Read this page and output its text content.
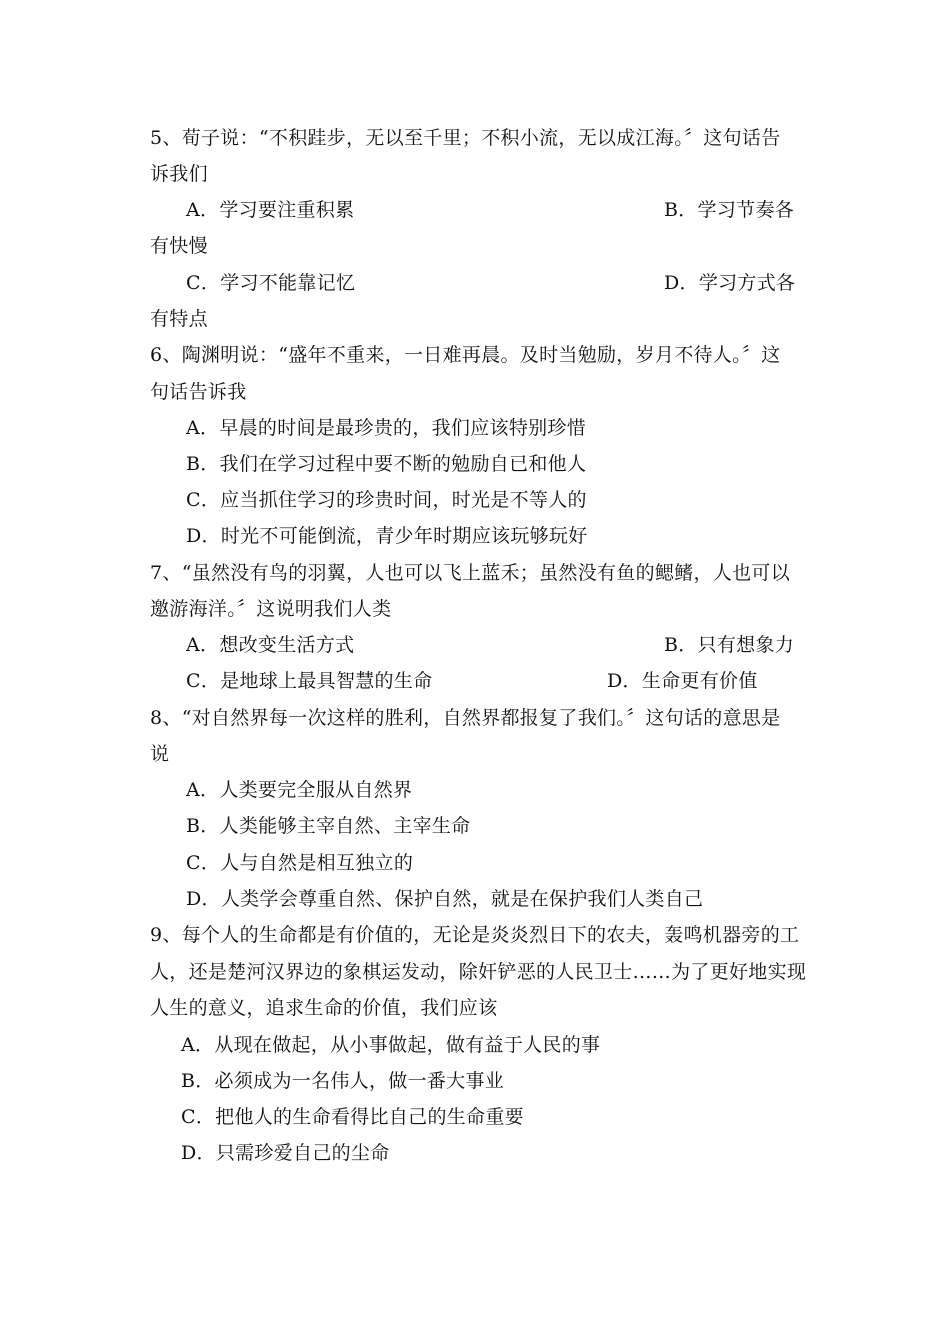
5、荀子说：“不积跬步，无以至千里；不积小流，无以成江海。〞这句话告
诉我们
A．学习要注重积累	B．学习节奏各
有快慢
C．学习不能靠记忆	D．学习方式各
有特点
6、陶渊明说：“盛年不重来，一日难再晨。及时当勉励，岁月不待人。〞这
句话告诉我
A．早晨的时间是最珍贵的，我们应该特别珍惜
B．我们在学习过程中要不断的勉励自已和他人
C．应当抓住学习的珍贵时间，时光是不等人的
D．时光不可能倒流，青少年时期应该玩够玩好
7、“虽然没有鸟的羽翼，人也可以飞上蓝禾；虽然没有鱼的鳃鳍，人也可以
邀游海洋。〞这说明我们人类
A．想改变生活方式	B．只有想象力
C．是地球上最具智慧的生命	D．生命更有价值
8、“对自然界每一次这样的胜利，自然界都报复了我们。〞这句话的意思是
说
A．人类要完全服从自然界
B．人类能够主宰自然、主宰生命
C．人与自然是相互独立的
D．人类学会尊重自然、保护自然，就是在保护我们人类自己
9、每个人的生命都是有价值的，无论是炎炎烈日下的农夫，轰鸣机器旁的工
人，还是楚河汉界边的象棋运发动，除奸铲恶的人民卫士……为了更好地实现
人生的意义，追求生命的价值，我们应该
A．从现在做起，从小事做起，做有益于人民的事
B．必须成为一名伟人，做一番大事业
C．把他人的生命看得比自己的生命重要
D．只需珍爱自己的尘命
